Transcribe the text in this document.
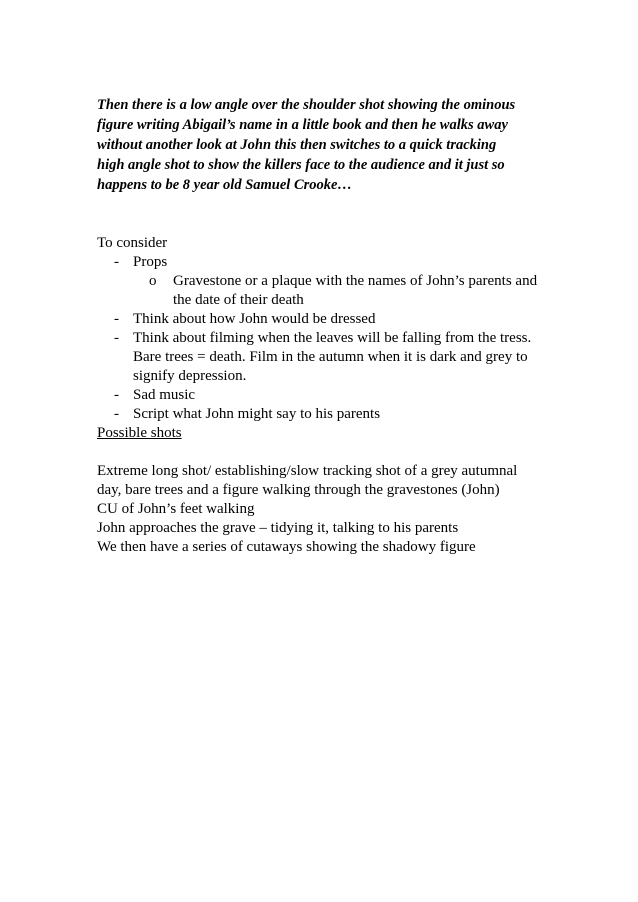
Then there is a low angle over the shoulder shot showing the ominous
figure writing Abigail’s name in a little book and then he walks away
without another look at John this then switches to a quick tracking
high angle shot to show the killers face to the audience and it just so
happens to be 8 year old Samuel Crooke…
To consider
- Props
o Gravestone or a plaque with the names of John’s parents and
the date of their death
- Think about how John would be dressed
- Think about filming when the leaves will be falling from the tress.
Bare trees = death. Film in the autumn when it is dark and grey to
signify depression.
- Sad music
- Script what John might say to his parents
Possible shots
Extreme long shot/ establishing/slow tracking shot of a grey autumnal
day, bare trees and a figure walking through the gravestones (John)
CU of John’s feet walking
John approaches the grave – tidying it, talking to his parents
We then have a series of cutaways showing the shadowy figure
